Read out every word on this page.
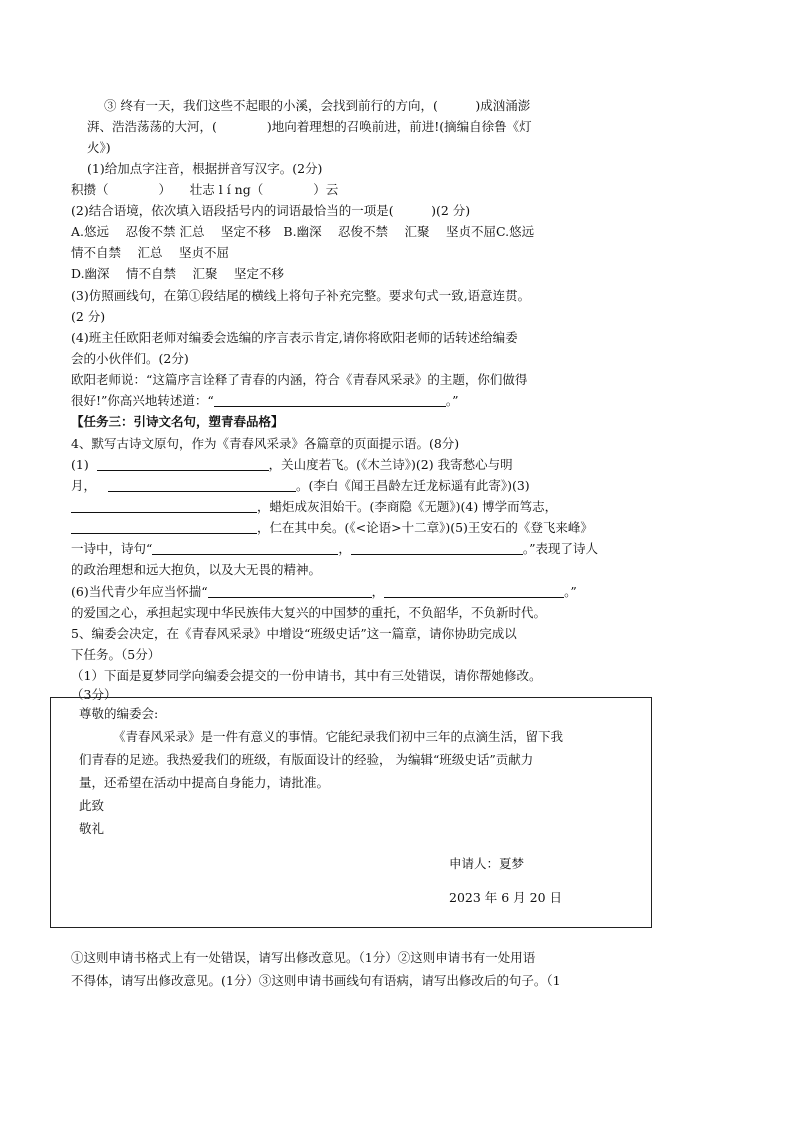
③ 终有一天，我们这些不起眼的小溪，会找到前行的方向，(　　　)成汹涌澎
湃、浩浩荡荡的大河，(　　　　)地向着理想的召唤前进，前进!(摘编自徐鲁《灯
火》)
(1)给加点字注音，根据拼音写汉字。(2分)
积攒（　　　　）　　壮志 l í ng（　　　　）云
(2)结合语境，依次填入语段括号内的词语最恰当的一项是(　　　)(2 分)
A.悠远　 忍俊不禁 汇总　 坚定不移　B.幽深　 忍俊不禁　 汇聚　 坚贞不屈C.悠远
情不自禁　 汇总　 坚贞不屈
D.幽深　 情不自禁　 汇聚　 坚定不移
(3)仿照画线句，在第①段结尾的横线上将句子补充完整。要求句式一致,语意连贯。
(2 分)
(4)班主任欧阳老师对编委会选编的序言表示肯定,请你将欧阳老师的话转述给编委
会的小伙伴们。(2分)
欧阳老师说：“这篇序言诠释了青春的内涵，符合《青春风采录》的主题，你们做得
很好!”你高兴地转述道：“	。”
【任务三：引诗文名句，塑青春品格】
4、默写古诗文原句，作为《青春风采录》各篇章的页面提示语。(8分)
(1)	，关山度若飞。(《木兰诗》)(2) 我寄愁心与明
月，	。(李白《闻王昌龄左迁龙标遥有此寄》)(3)
，蜡炬成灰泪始干。(李商隐《无题》)(4) 博学而笃志，
，仁在其中矣。(《<论语>十二章》)(5)王安石的《登飞来峰》
一诗中，诗句“	，	。”表现了诗人
的政治理想和远大抱负，以及大无畏的精神。
(6)当代青少年应当怀揣“	，	。”
的爱国之心，承担起实现中华民族伟大复兴的中国梦的重托，不负韶华，不负新时代。
5、编委会决定，在《青春风采录》中增设“班级史话”这一篇章，请你协助完成以
下任务。（5分）
（1）下面是夏梦同学向编委会提交的一份申请书，其中有三处错误，请你帮她修改。
（3分）
尊敬的编委会:
《青春风采录》是一件有意义的事情。它能纪录我们初中三年的点滴生活，留下我
们青春的足迹。我热爱我们的班级，有版面设计的经验， 为编辑“班级史话”贡献力
量，还希望在活动中提高自身能力，请批准。
此致
敬礼
申请人：夏梦
2023 年 6 月 20 日
①这则申请书格式上有一处错误，请写出修改意见。（1分）②这则申请书有一处用语
不得体，请写出修改意见。(1分）③这则申请书画线句有语病，请写出修改后的句子。（1
